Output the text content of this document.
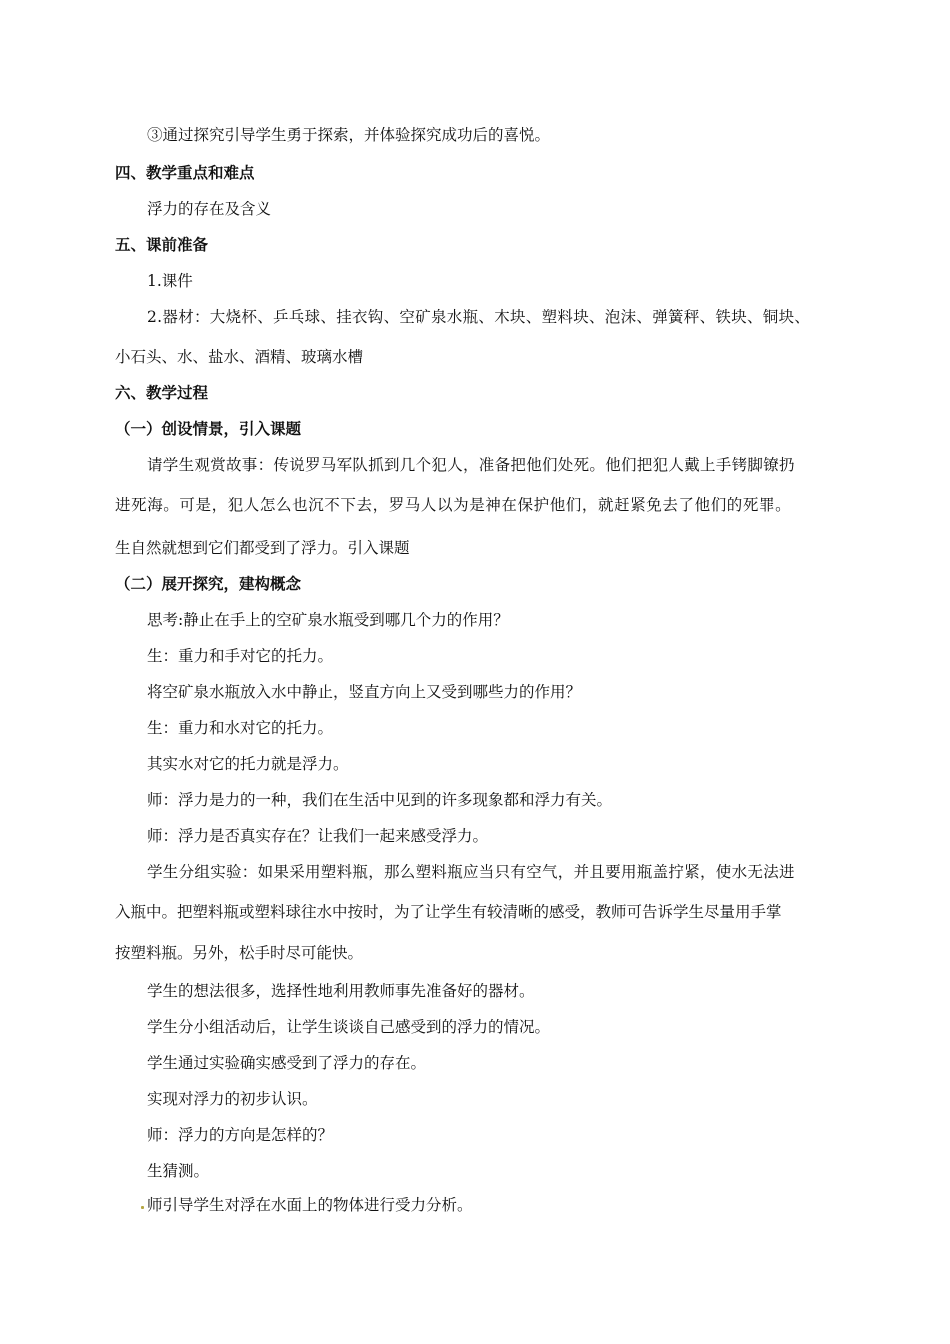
③通过探究引导学生勇于探索，并体验探究成功后的喜悦。
四、教学重点和难点
浮力的存在及含义
五、课前准备
1.课件
2.器材：大烧杯、乒乓球、挂衣钩、空矿泉水瓶、木块、塑料块、泡沫、弹簧秤、铁块、铜块、
小石头、水、盐水、酒精、玻璃水槽
六、教学过程
（一）创设情景，引入课题
请学生观赏故事：传说罗马军队抓到几个犯人，准备把他们处死。他们把犯人戴上手铐脚镣扔
进死海。可是，犯人怎么也沉不下去，罗马人以为是神在保护他们，就赶紧免去了他们的死罪。
生自然就想到它们都受到了浮力。引入课题
（二）展开探究，建构概念
思考:静止在手上的空矿泉水瓶受到哪几个力的作用？
生：重力和手对它的托力。
将空矿泉水瓶放入水中静止，竖直方向上又受到哪些力的作用？
生：重力和水对它的托力。
其实水对它的托力就是浮力。
师：浮力是力的一种，我们在生活中见到的许多现象都和浮力有关。
师：浮力是否真实存在？让我们一起来感受浮力。
学生分组实验：如果采用塑料瓶，那么塑料瓶应当只有空气，并且要用瓶盖拧紧，使水无法进
入瓶中。把塑料瓶或塑料球往水中按时，为了让学生有较清晰的感受，教师可告诉学生尽量用手掌
按塑料瓶。另外，松手时尽可能快。
学生的想法很多，选择性地利用教师事先准备好的器材。
学生分小组活动后，让学生谈谈自己感受到的浮力的情况。
学生通过实验确实感受到了浮力的存在。
实现对浮力的初步认识。
师：浮力的方向是怎样的？
生猜测。
师引导学生对浮在水面上的物体进行受力分析。
